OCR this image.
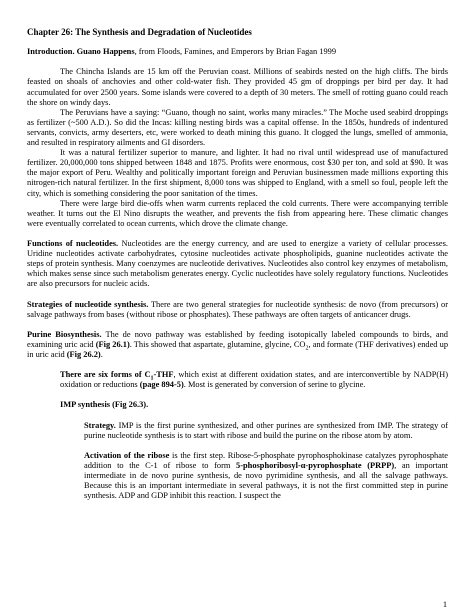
Chapter 26: The Synthesis and Degradation of Nucleotides

Introduction. Guano Happens, from Floods, Famines, and Emperors by Brian Fagan 1999

The Chincha Islands are 15 km off the Peruvian coast. Millions of seabirds nested on the high cliffs. The birds feasted on shoals of anchovies and other cold-water fish. They provided 45 gm of droppings per bird per day. It had accumulated for over 2500 years. Some islands were covered to a depth of 30 meters. The smell of rotting guano could reach the shore on windy days.

The Peruvians have a saying: “Guano, though no saint, works many miracles.” The Moche used seabird droppings as fertilizer (~500 A.D.). So did the Incas: killing nesting birds was a capital offense. In the 1850s, hundreds of indentured servants, convicts, army deserters, etc, were worked to death mining this guano. It clogged the lungs, smelled of ammonia, and resulted in respiratory ailments and GI disorders.

It was a natural fertilizer superior to manure, and lighter. It had no rival until widespread use of manufactured fertilizer. 20,000,000 tons shipped between 1848 and 1875. Profits were enormous, cost $30 per ton, and sold at $90. It was the major export of Peru. Wealthy and politically important foreign and Peruvian businessmen made millions exporting this nitrogen-rich natural fertilizer. In the first shipment, 8,000 tons was shipped to England, with a smell so foul, people left the city, which is something considering the poor sanitation of the times.

There were large bird die-offs when warm currents replaced the cold currents. There were accompanying terrible weather. It turns out the El Nino disrupts the weather, and prevents the fish from appearing here. These climatic changes were eventually correlated to ocean currents, which drove the climate change.

Functions of nucleotides. Nucleotides are the energy currency, and are used to energize a variety of cellular processes. Uridine nucleotides activate carbohydrates, cytosine nucleotides activate phospholipids, guanine nucleotides activate the steps of protein synthesis. Many coenzymes are nucleotide derivatives. Nucleotides also control key enzymes of metabolism, which makes sense since such metabolism generates energy. Cyclic nucleotides have solely regulatory functions. Nucleotides are also precursors for nucleic acids.

Strategies of nucleotide synthesis. There are two general strategies for nucleotide synthesis: de novo (from precursors) or salvage pathways from bases (without ribose or phosphates). These pathways are often targets of anticancer drugs.

Purine Biosynthesis. The de novo pathway was established by feeding isotopically labeled compounds to birds, and examining uric acid (Fig 26.1). This showed that aspartate, glutamine, glycine, $CO_2$, and formate (THF derivatives) ended up in uric acid (Fig 26.2).

There are six forms of $C_1$-THF, which exist at different oxidation states, and are interconvertible by NADP(H) oxidation or reductions (page 894-5). Most is generated by conversion of serine to glycine.

IMP synthesis (Fig 26.3).

Strategy. IMP is the first purine synthesized, and other purines are synthesized from IMP. The strategy of purine nucleotide synthesis is to start with ribose and build the purine on the ribose atom by atom.

Activation of the ribose is the first step. Ribose-5-phosphate pyrophosphokinase catalyzes pyrophosphate addition to the C-1 of ribose to form 5-phosphoribosyl-α-pyrophosphate (PRPP), an important intermediate in de novo purine synthesis, de novo pyrimidine synthesis, and all the salvage pathways. Because this is an important intermediate in several pathways, it is not the first committed step in purine synthesis. ADP and GDP inhibit this reaction. I suspect the

1
